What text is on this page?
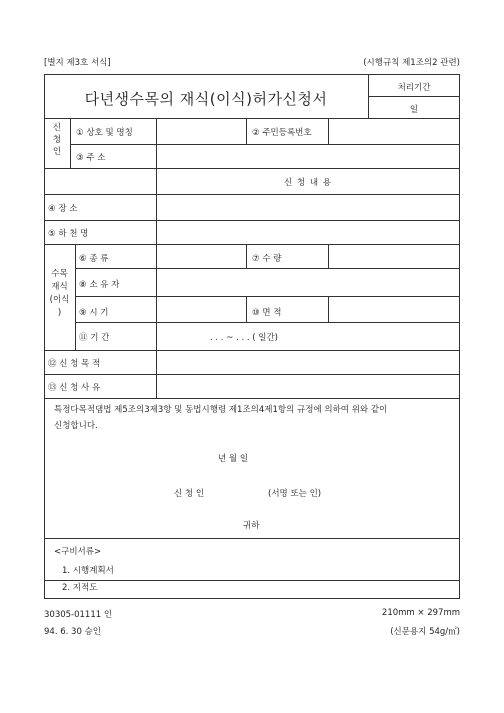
[별지 제3호 서식]	(시행규칙 제1조의2 관련)
다년생수목의 재식(이식)허가신청서
처리기간
일
신
청
인
① 상호 및 명칭	② 주민등록번호
③ 주 소
신 청 내 용
④ 장 소
⑤ 하 천 명
수목
재식
(이식
)
⑥ 종 류	⑦ 수 량
⑧ 소 유 자
⑨ 시 기	⑩ 면 적
⑪ 기 간	. . . ~ . . . ( 일간)
⑫ 신 청 목 적
⑬ 신 청 사 유
특정다목적댐법 제5조의3제3항 및 동법시행령 제1조의4제1항의 규정에 의하여 위와 같이
신청합니다.
년 월 일
신 청 인	(서명 또는 인)
귀하
<구비서류>
1. 시행계획서
2. 지적도
30305-01111 인
94. 6. 30 승인
210mm × 297mm
(신문용지 54g/㎡)
